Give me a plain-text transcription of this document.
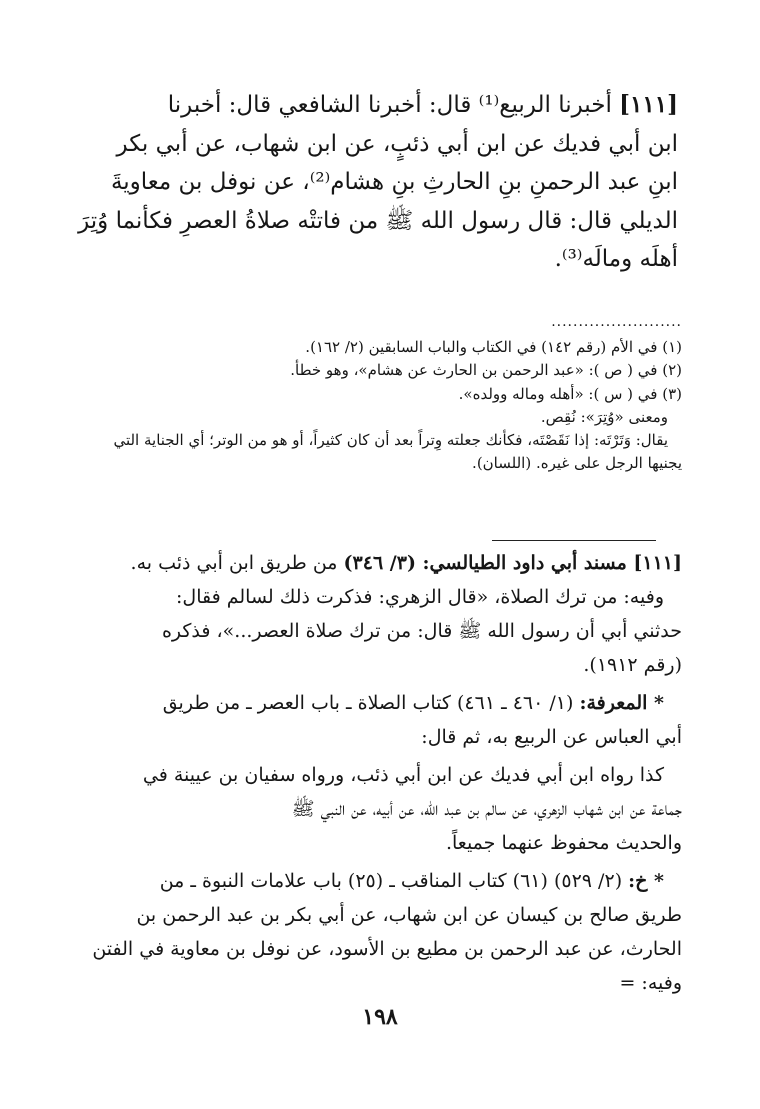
[١١١] أخبرنا الربيع⁽¹⁾ قال: أخبرنا الشافعي قال: أخبرنا

ابن أبي فديك عن ابن أبي ذئبٍ، عن ابن شهاب، عن أبي بكر

ابنِ عبد الرحمنِ بنِ الحارثِ بنِ هشام⁽²⁾، عن نوفل بن معاويةَ

الديلي قال: قال رسول الله ﷺ من فاتتْه صلاةُ العصرِ فكأنما وُتِرَ

أهلَه ومالَه⁽³⁾.

........................

(١) في الأم (رقم ١٤٢) في الكتاب والباب السابقين (٢/ ١٦٢).

(٢) في ( ص ): «عبد الرحمن بن الحارث عن هشام»، وهو خطأ.

(٣) في ( س ): «أهله وماله وولده».

ومعنى «وُتِرَ»: نُقِص.

يقال: وَتَرْتَه: إذا نَقَصْتَه، فكأنك جعلته وِتراً بعد أن كان كثيراً، أو هو من الوتر؛ أي الجناية التي

يجنيها الرجل على غيره. (اللسان).

[١١١] مسند أبي داود الطيالسي: (٣/ ٣٤٦) من طريق ابن أبي ذئب به.

وفيه: من ترك الصلاة، «قال الزهري: فذكرت ذلك لسالم فقال:

حدثني أبي أن رسول الله ﷺ قال: من ترك صلاة العصر...»، فذكره

(رقم ١٩١٢).

* المعرفة: (١/ ٤٦٠ ـ ٤٦١) كتاب الصلاة ـ باب العصر ـ من طريق

أبي العباس عن الربيع به، ثم قال:

كذا رواه ابن أبي فديك عن ابن أبي ذئب، ورواه سفيان بن عيينة في

جماعة عن ابن شهاب الزهري، عن سالم بن عبد الله، عن أبيه، عن النبي ﷺ

والحديث محفوظ عنهما جميعاً.

* خ: (٢/ ٥٢٩) (٦١) كتاب المناقب ـ (٢٥) باب علامات النبوة ـ من

طريق صالح بن كيسان عن ابن شهاب، عن أبي بكر بن عبد الرحمن بن

الحارث، عن عبد الرحمن بن مطيع بن الأسود، عن نوفل بن معاوية في الفتن

وفيه: =

١٩٨
